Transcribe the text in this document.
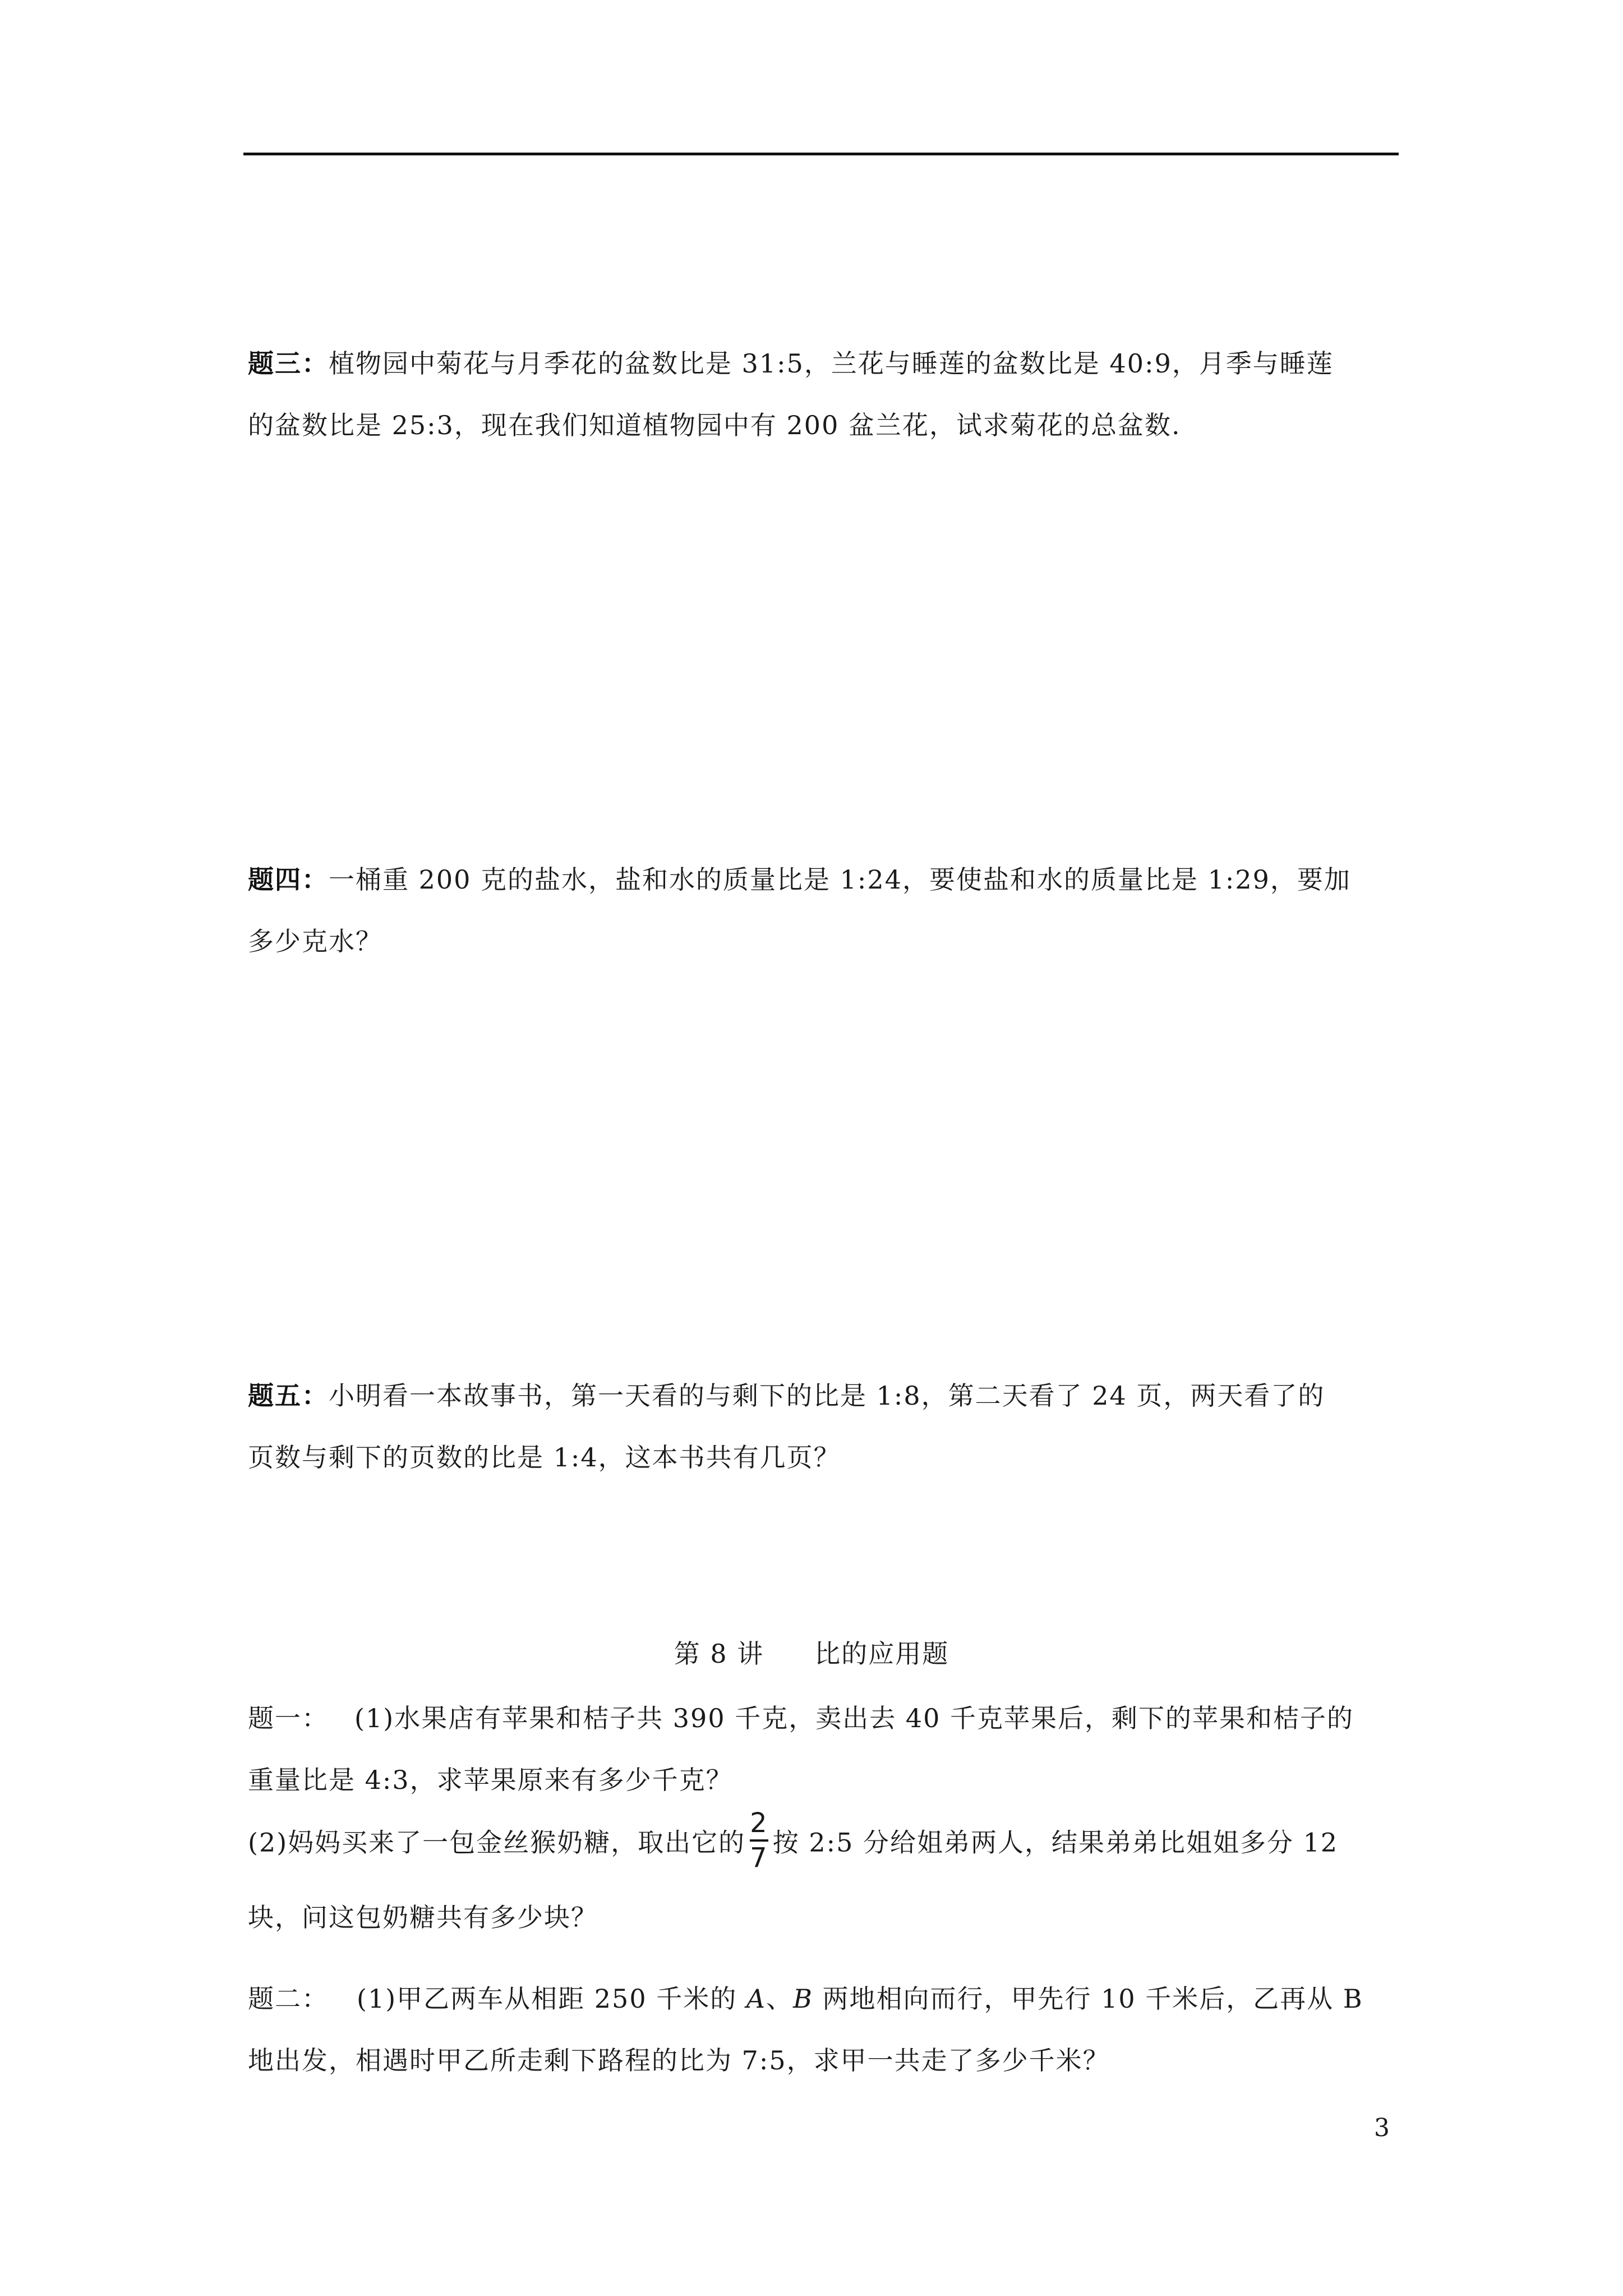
题三：植物园中菊花与月季花的盆数比是 31:5，兰花与睡莲的盆数比是 40:9，月季与睡莲
的盆数比是 25:3，现在我们知道植物园中有 200 盆兰花，试求菊花的总盆数.
题四：一桶重 200 克的盐水，盐和水的质量比是 1:24，要使盐和水的质量比是 1:29，要加
多少克水？
题五：小明看一本故事书，第一天看的与剩下的比是 1:8，第二天看了 24 页，两天看了的
页数与剩下的页数的比是 1:4，这本书共有几页？
第 8 讲 比的应用题
题一： (1)水果店有苹果和桔子共 390 千克，卖出去 40 千克苹果后，剩下的苹果和桔子的
重量比是 4:3，求苹果原来有多少千克？
(2)妈妈买来了一包金丝猴奶糖，取出它的 $\frac{2}{7}$ 按 2:5 分给姐弟两人，结果弟弟比姐姐多分 12
块，问这包奶糖共有多少块？
题二： (1)甲乙两车从相距 250 千米的 A、B 两地相向而行，甲先行 10 千米后，乙再从 B
地出发，相遇时甲乙所走剩下路程的比为 7:5，求甲一共走了多少千米？
3
